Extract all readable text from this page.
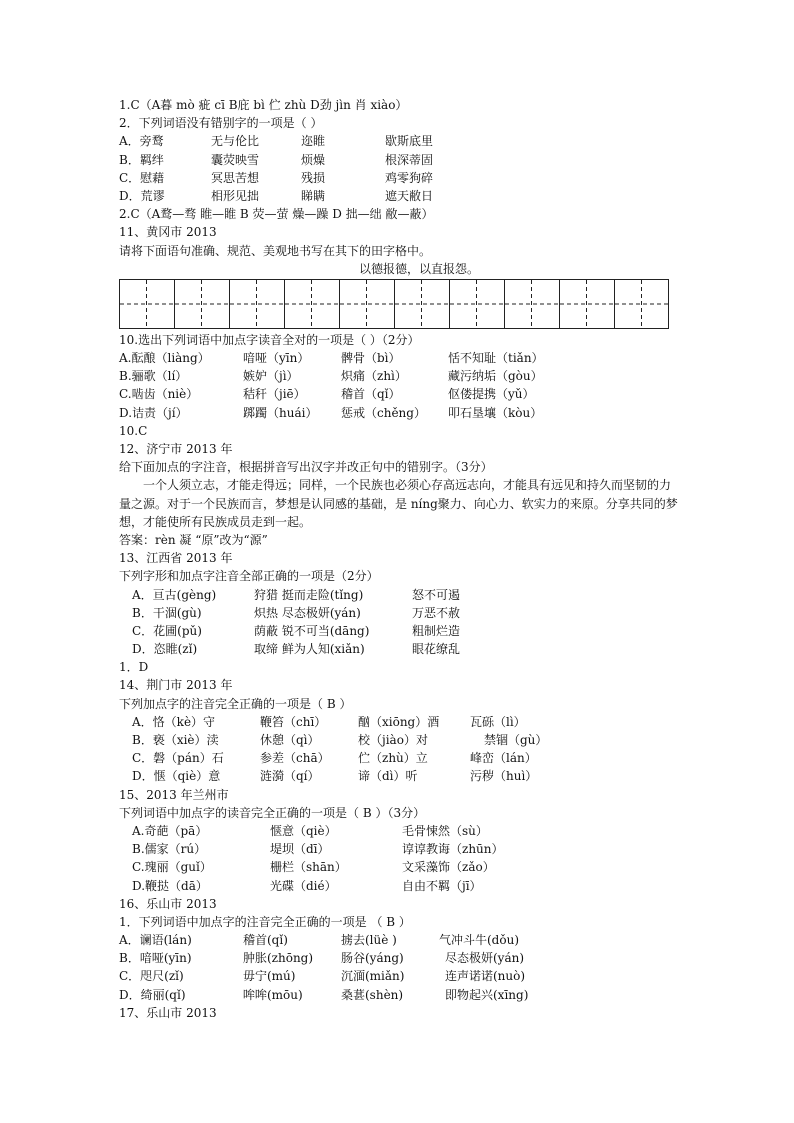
1.C（A暮 mò 疵 cī B庇 bì 伫 zhù D劲 jìn 肖 xiào）
2．下列词语没有错别字的一项是（ ）
A．旁鹜	无与伦比	迩睢	歇斯底里
B．羁绊	囊荧映雪	烦燥	根深蒂固
C．慰藉	冥思苦想	残损	鸡零狗碎
D．荒谬	相形见拙	睇瞒	遮天敝日
2.C（A鹜—骛 睢—睢 B 荧—萤 燥—躁 D 拙—绌 敝—蔽）
11、黄冈市 2013
请将下面语句准确、规范、美观地书写在其下的田字格中。
以德报德，以直报怨。
10.选出下列词语中加点字读音全对的一项是（ ）（2分）
A.酝酿（liàng）	喑哑（yīn）	髀骨（bì）	恬不知耻（tiǎn）
B.骊歌（lí）	嫉妒（jì）	炽痛（zhì）	藏污纳垢（gòu）
C.啮齿（niè）	秸秆（jiē）	稽首（qǐ）	伛偻提携（yǔ）
D.诘责（jí）	踯躅（huái） 惩戒（chěng） 叩石垦壤（kòu）
10.C
12、济宁市 2013 年
给下面加点的字注音，根据拼音写出汉字并改正句中的错别字。（3分）
一个人须立志，才能走得远；同样，一个民族也必须心存高远志向，才能具有远见和持久而坚韧的力量之源。对于一个民族而言，梦想是认同感的基础，是 níng聚力、向心力、软实力的来原。分享共同的梦想，才能使所有民族成员走到一起。
答案：rèn 凝 “原”改为“源”
13、江西省 2013 年
下列字形和加点字注音全部正确的一项是（2分）
A．亘古(gèng)	狩猎 挺而走险(tǐng)	怒不可遏
B．干涸(gù)	炽热 尽态极妍(yán)	万恶不赦
C．花圃(pǔ)	荫蔽 锐不可当(dāng)	粗制烂造
D．恣睢(zǐ)	取缔 鲜为人知(xiǎn)	眼花缭乱
1．D
14、荆门市 2013 年
下列加点字的注音完全正确的一项是（ B ）
A．恪（kè）守	鞭笞（chī）	酗（xiōng）酒	瓦砾（lì）
B．亵（xiè）渎	休憩（qì）	校（jiào）对	禁锢（gù）
C．磐（pán）石	参差（chā） 伫（zhù）立	峰峦（lán）
D．惬（qiè）意	涟漪（qí）	谛（dì）听	污秽（huì）
15、2013 年兰州市
下列词语中加点字的读音完全正确的一项是（ B ）（3分）
A.奇葩（pā）	惬意（qiè）	毛骨悚然（sù）
B.儒家（rú）	堤坝（dī）	谆谆教诲（zhūn）
C.瑰丽（guǐ）	栅栏（shān）	文采藻饰（zǎo）
D.鞭挞（dā）	光碟（dié）	自由不羁（jī）
16、乐山市 2013
1．下列词语中加点字的注音完全正确的一项是 （ B ）
A．谰语(lán)	稽首(qǐ)	掳去(lüè )	气冲斗牛(dǒu)
B．喑哑(yīn)	肿胀(zhōng) 肠谷(yáng)	尽态极妍(yán)
C．咫尺(zǐ)	毋宁(mú)	沉湎(miǎn)	连声诺诺(nuò)
D．绮丽(qǐ)	哞哞(mōu)	桑葚(shèn)	即物起兴(xīng)
17、乐山市 2013
